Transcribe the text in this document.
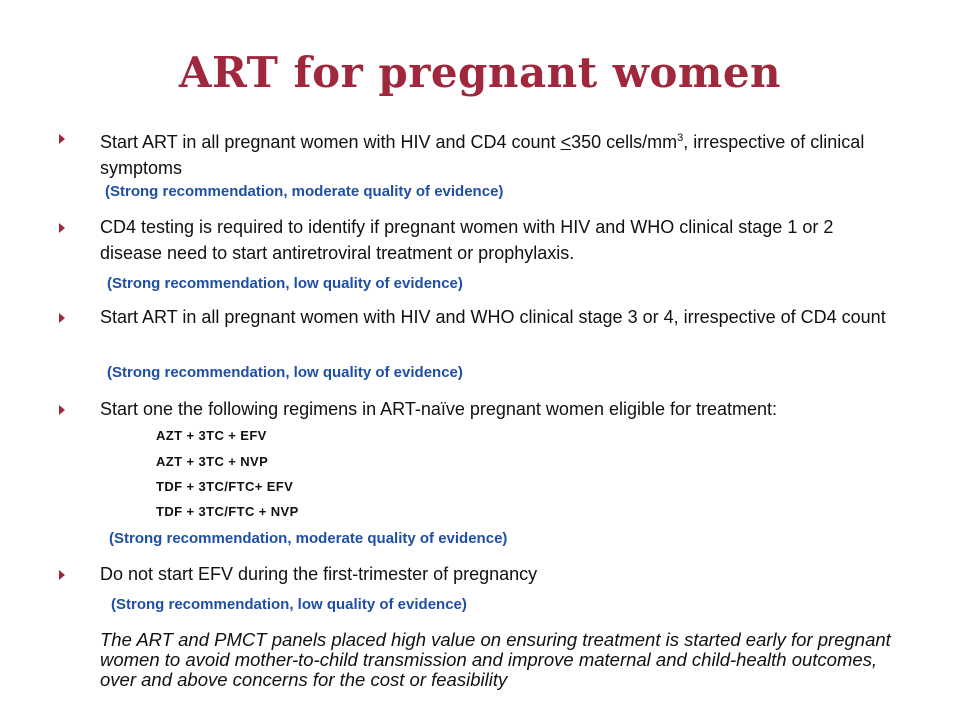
ART for pregnant women
Start ART in all pregnant women with HIV and CD4 count ≤350 cells/$mm^3$, irrespective of clinical symptoms
(Strong recommendation, moderate quality of evidence)
CD4 testing is required to identify if pregnant women with HIV and WHO clinical stage 1 or 2 disease need to start antiretroviral treatment or prophylaxis.
(Strong recommendation, low quality of evidence)
Start ART in all pregnant women with HIV and WHO clinical stage 3 or 4, irrespective of CD4 count
(Strong recommendation, low quality of evidence)
Start one the following regimens in ART-naïve pregnant women eligible for treatment:
AZT + 3TC + EFV
AZT + 3TC + NVP
TDF + 3TC/FTC+ EFV
TDF + 3TC/FTC + NVP
(Strong recommendation, moderate quality of evidence)
Do not start EFV during the first-trimester of pregnancy
(Strong recommendation, low quality of evidence)
The ART and PMCT panels placed high value on ensuring treatment is started early for pregnant women to avoid mother-to-child transmission and improve maternal and child-health outcomes, over and above concerns for the cost or feasibility
